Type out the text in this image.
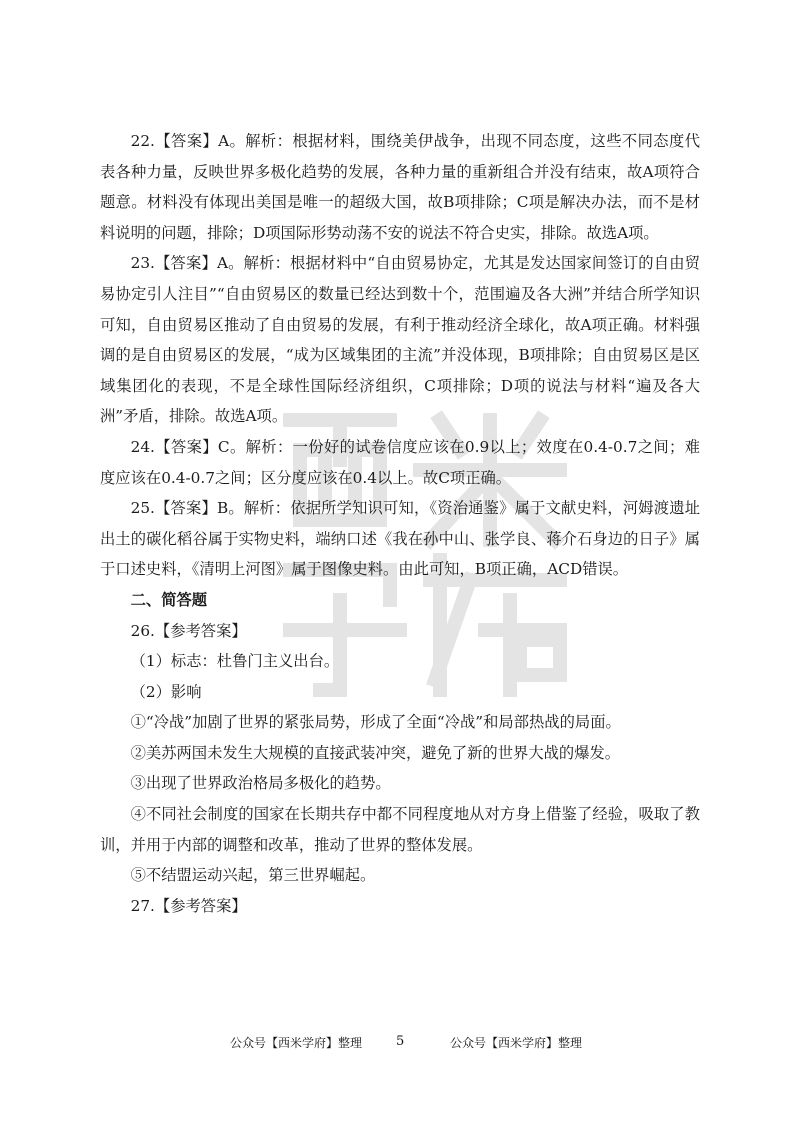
22.【答案】A。解析：根据材料，围绕美伊战争，出现不同态度，这些不同态度代表各种力量，反映世界多极化趋势的发展，各种力量的重新组合并没有结束，故A项符合题意。材料没有体现出美国是唯一的超级大国，故B项排除；C项是解决办法，而不是材料说明的问题，排除；D项国际形势动荡不安的说法不符合史实，排除。故选A项。

23.【答案】A。解析：根据材料中“自由贸易协定，尤其是发达国家间签订的自由贸易协定引人注目”“自由贸易区的数量已经达到数十个，范围遍及各大洲”并结合所学知识可知，自由贸易区推动了自由贸易的发展，有利于推动经济全球化，故A项正确。材料强调的是自由贸易区的发展，“成为区域集团的主流”并没体现，B项排除；自由贸易区是区域集团化的表现，不是全球性国际经济组织，C项排除；D项的说法与材料“遍及各大洲”矛盾，排除。故选A项。

24.【答案】C。解析：一份好的试卷信度应该在0.9以上；效度在0.4-0.7之间；难度应该在0.4-0.7之间；区分度应该在0.4以上。故C项正确。

25.【答案】B。解析：依据所学知识可知，《资治通鉴》属于文献史料，河姆渡遗址出土的碳化稻谷属于实物史料，端纳口述《我在孙中山、张学良、蒋介石身边的日子》属于口述史料，《清明上河图》属于图像史料。由此可知，B项正确，ACD错误。

二、简答题

26.【参考答案】

（1）标志：杜鲁门主义出台。

（2）影响

①“冷战”加剧了世界的紧张局势，形成了全面“冷战”和局部热战的局面。

②美苏两国未发生大规模的直接武装冲突，避免了新的世界大战的爆发。

③出现了世界政治格局多极化的趋势。

④不同社会制度的国家在长期共存中都不同程度地从对方身上借鉴了经验，吸取了教训，并用于内部的调整和改革，推动了世界的整体发展。

⑤不结盟运动兴起，第三世界崛起。

27.【参考答案】

公众号【西米学府】整理	5	公众号【西米学府】整理
